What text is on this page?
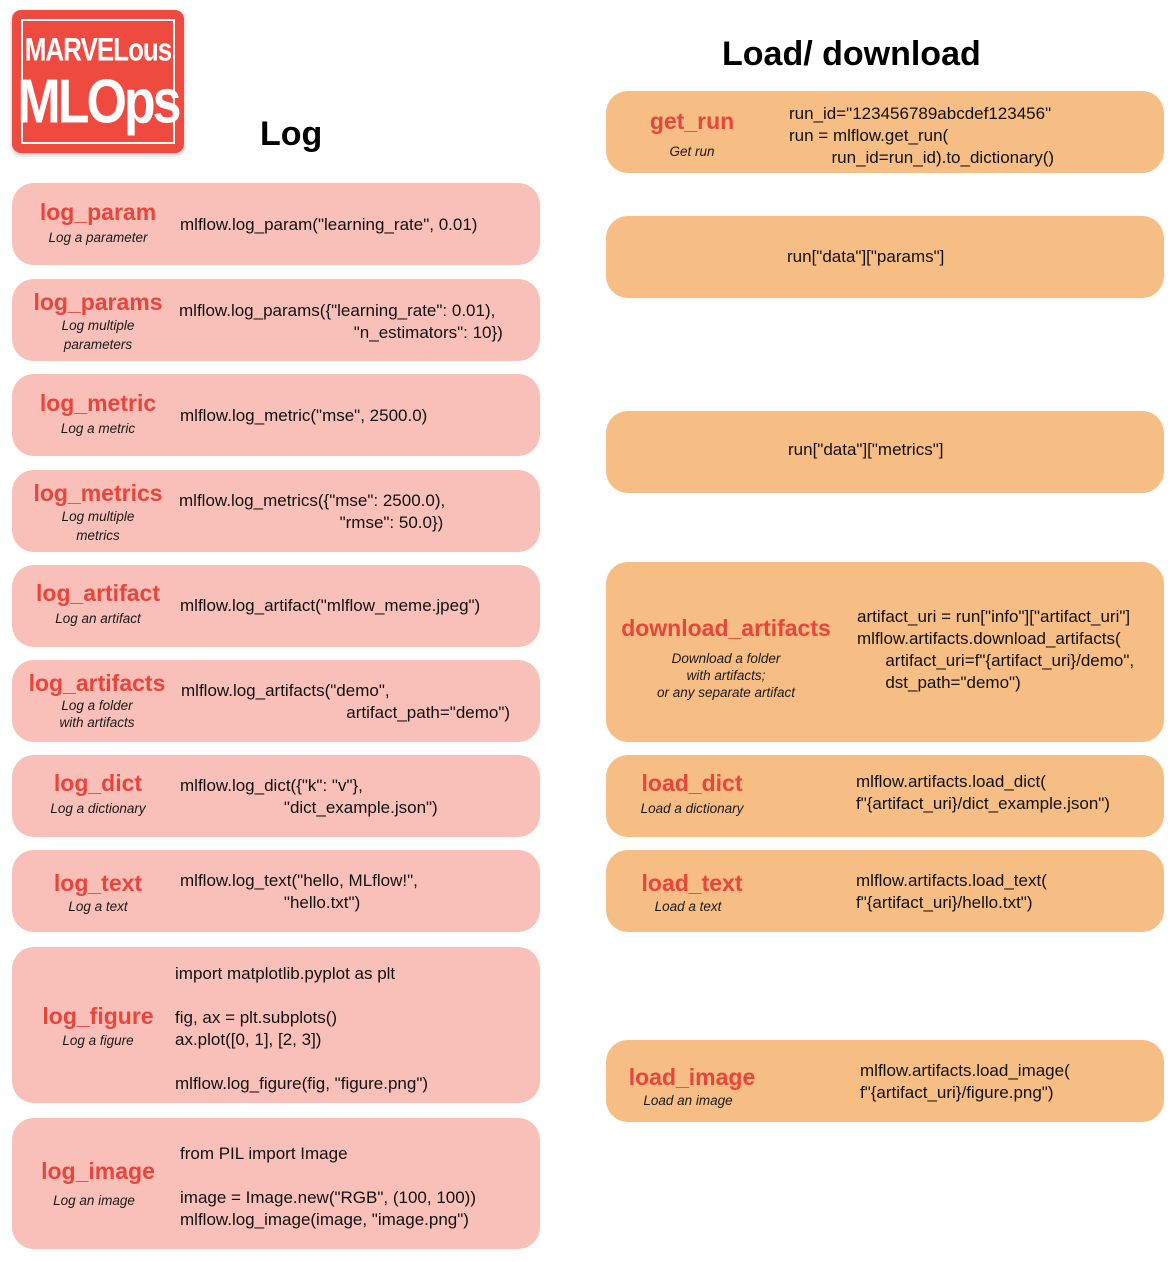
MARVELous
MLOps Log
Load/ download
log_param
Log a parameter
mlflow.log_param("learning_rate", 0.01)
log_params
Log multiple
parameters
mlflow.log_params({"learning_rate": 0.01),
"n_estimators": 10})
log_metric
Log a metric
mlflow.log_metric("mse", 2500.0)
log_metrics
Log multiple
metrics
mlflow.log_metrics({"mse": 2500.0),
"rmse": 50.0})
log_artifact
Log an artifact
mlflow.log_artifact("mlflow_meme.jpeg")
log_artifacts
Log a folder
with artifacts
mlflow.log_artifacts("demo",
artifact_path="demo")
log_dict
Log a dictionary
mlflow.log_dict({"k": "v"},
"dict_example.json")
log_text
Log a text
mlflow.log_text("hello, MLflow!",
"hello.txt")
log_figure
Log a figure
import matplotlib.pyplot as plt

fig, ax = plt.subplots()
ax.plot([0, 1], [2, 3])

mlflow.log_figure(fig, "figure.png")
log_image
Log an image
from PIL import Image

image = Image.new("RGB", (100, 100))
mlflow.log_image(image, "image.png")
get_run
Get run
run_id="123456789abcdef123456"
run = mlflow.get_run(
run_id=run_id).to_dictionary()
run["data"]["params"]
run["data"]["metrics"]
download_artifacts
Download a folder
with artifacts;
or any separate artifact
artifact_uri = run["info"]["artifact_uri"]
mlflow.artifacts.download_artifacts(
artifact_uri=f"{artifact_uri}/demo",
dst_path="demo")
load_dict
Load a dictionary
mlflow.artifacts.load_dict(
f"{artifact_uri}/dict_example.json")
load_text
Load a text
mlflow.artifacts.load_text(
f"{artifact_uri}/hello.txt")
load_image
Load an image
mlflow.artifacts.load_image(
f"{artifact_uri}/figure.png")
